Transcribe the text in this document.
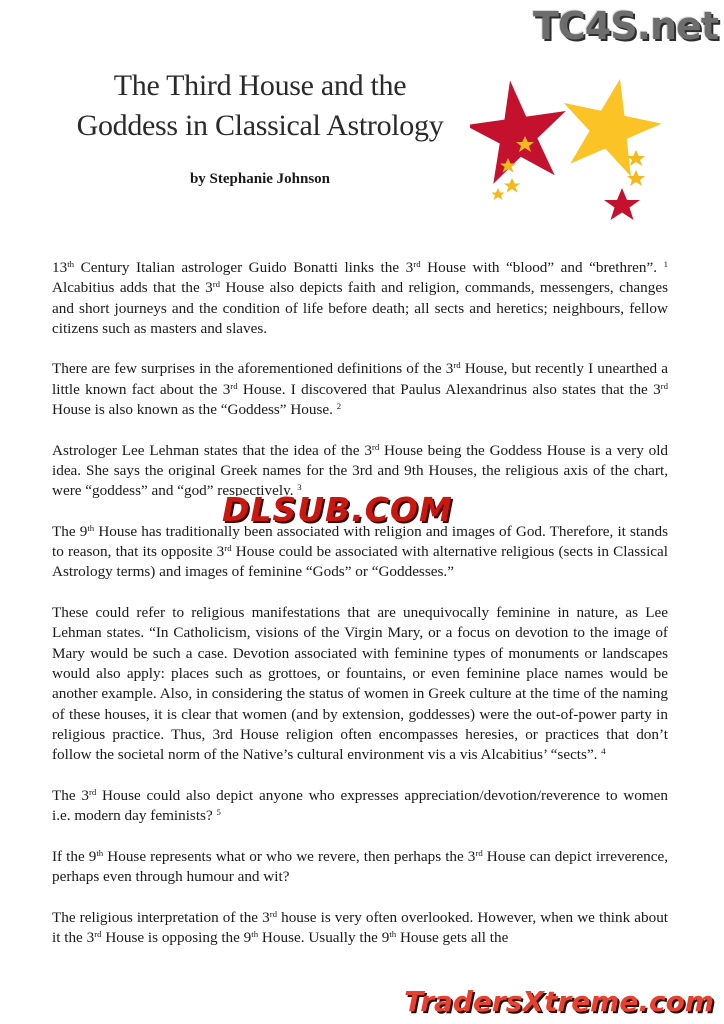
TC4S.net
The Third House and the
Goddess in Classical Astrology
by Stephanie Johnson

13th Century Italian astrologer Guido Bonatti links the 3rd House with “blood” and “brethren”. $^1$ Alcabitius adds that the 3rd House also depicts faith and religion, commands, messengers, changes and short journeys and the condition of life before death; all sects and heretics; neighbours, fellow citizens such as masters and slaves.

There are few surprises in the aforementioned definitions of the 3rd House, but recently I unearthed a little known fact about the 3rd House. I discovered that Paulus Alexandrinus also states that the 3rd House is also known as the “Goddess” House. $^2$

Astrologer Lee Lehman states that the idea of the 3rd House being the Goddess House is a very old idea. She says the original Greek names for the 3rd and 9th Houses, the religious axis of the chart, were “goddess” and “god” respectively. $^3$

The 9th House has traditionally been associated with religion and images of God. Therefore, it stands to reason, that its opposite 3rd House could be associated with alternative religious (sects in Classical Astrology terms) and images of feminine “Gods” or “Goddesses.”

These could refer to religious manifestations that are unequivocally feminine in nature, as Lee Lehman states. “In Catholicism, visions of the Virgin Mary, or a focus on devotion to the image of Mary would be such a case. Devotion associated with feminine types of monuments or landscapes would also apply: places such as grottoes, or fountains, or even feminine place names would be another example. Also, in considering the status of women in Greek culture at the time of the naming of these houses, it is clear that women (and by extension, goddesses) were the out-of-power party in religious practice. Thus, 3rd House religion often encompasses heresies, or practices that don’t follow the societal norm of the Native’s cultural environment vis a vis Alcabitius’ “sects”. $^4$

The 3rd House could also depict anyone who expresses appreciation/devotion/reverence to women i.e. modern day feminists? $^5$

If the 9th House represents what or who we revere, then perhaps the 3rd House can depict irreverence, perhaps even through humour and wit?

The religious interpretation of the 3rd house is very often overlooked. However, when we think about it the 3rd House is opposing the 9th House. Usually the 9th House gets all the

DLSUB.COM
TradersXtreme.com
